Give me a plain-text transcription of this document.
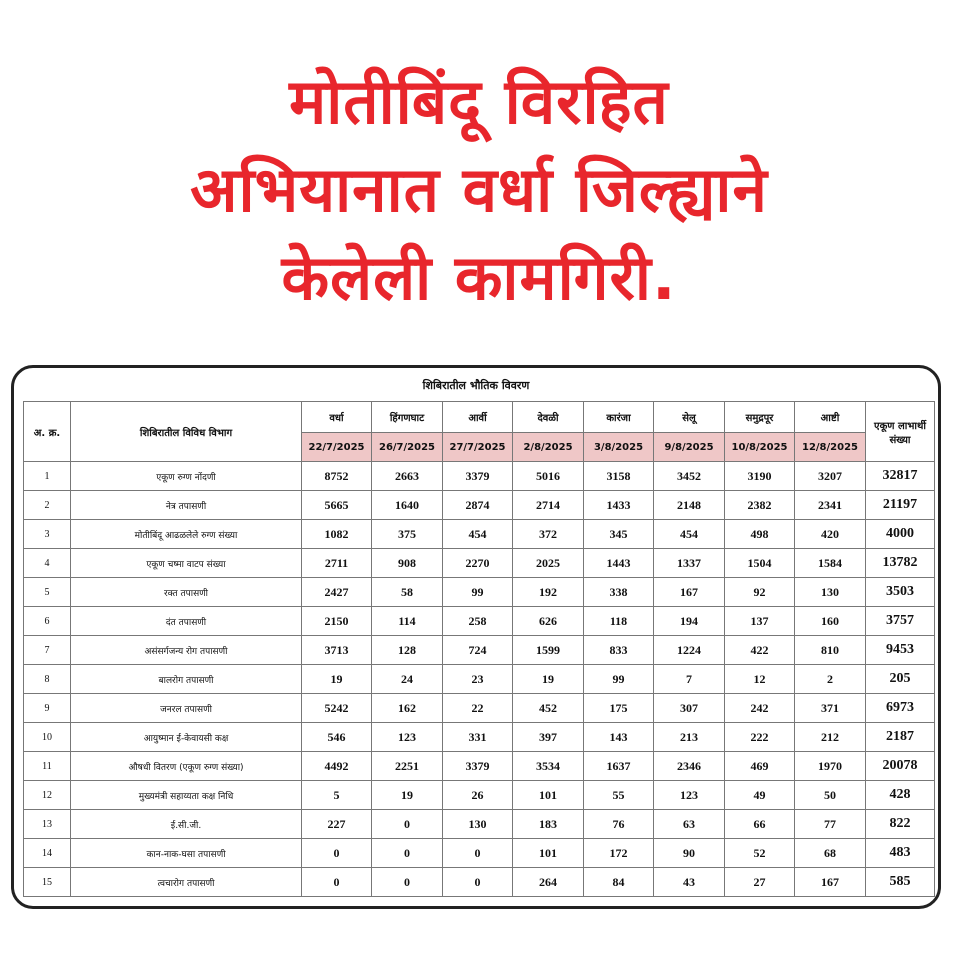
मोतीबिंदू विरहित
अभियानात वर्धा जिल्ह्याने
केलेली कामगिरी.
शिबिरातील भौतिक विवरण
अ. क्र.	शिबिरातील विविध विभाग	वर्धा	हिंगणघाट	आर्वी	देवळी	कारंजा	सेलू	समुद्रपूर	आष्टी	एकूण लाभार्थी संख्या
		22/7/2025	26/7/2025	27/7/2025	2/8/2025	3/8/2025	9/8/2025	10/8/2025	12/8/2025	
1	एकूण रुग्ण नोंदणी	8752	2663	3379	5016	3158	3452	3190	3207	32817
2	नेत्र तपासणी	5665	1640	2874	2714	1433	2148	2382	2341	21197
3	मोतीबिंदू आढळलेले रुग्ण संख्या	1082	375	454	372	345	454	498	420	4000
4	एकूण चष्मा वाटप संख्या	2711	908	2270	2025	1443	1337	1504	1584	13782
5	रक्त तपासणी	2427	58	99	192	338	167	92	130	3503
6	दंत तपासणी	2150	114	258	626	118	194	137	160	3757
7	असंसर्गजन्य रोग तपासणी	3713	128	724	1599	833	1224	422	810	9453
8	बालरोग तपासणी	19	24	23	19	99	7	12	2	205
9	जनरल तपासणी	5242	162	22	452	175	307	242	371	6973
10	आयुष्मान ई-केवायसी कक्ष	546	123	331	397	143	213	222	212	2187
11	औषधी वितरण (एकूण रुग्ण संख्या)	4492	2251	3379	3534	1637	2346	469	1970	20078
12	मुख्यमंत्री सहाय्यता कक्ष निधि	5	19	26	101	55	123	49	50	428
13	ई.सी.जी.	227	0	130	183	76	63	66	77	822
14	कान-नाक-घसा तपासणी	0	0	0	101	172	90	52	68	483
15	त्वचारोग तपासणी	0	0	0	264	84	43	27	167	585
